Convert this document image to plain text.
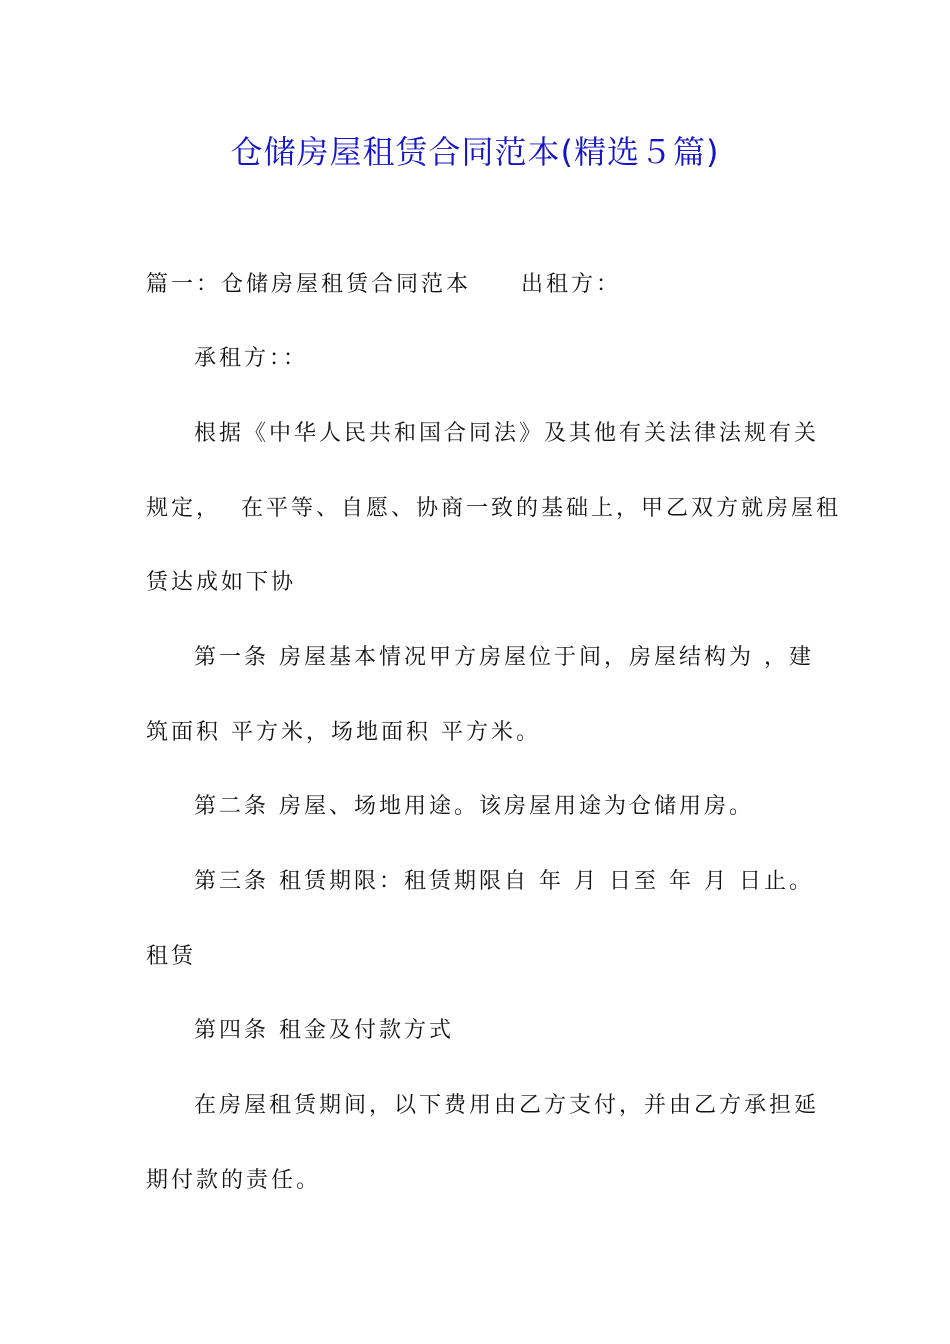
仓储房屋租赁合同范本(精选５篇)
篇一：仓储房屋租赁合同范本　　出租方：
承租方：：
根据《中华人民共和国合同法》及其他有关法律法规有关
规定，  在平等、自愿、协商一致的基础上，甲乙双方就房屋租
赁达成如下协
第一条 房屋基本情况甲方房屋位于间，房屋结构为 ，建
筑面积 平方米，场地面积 平方米。
第二条 房屋、场地用途。该房屋用途为仓储用房。
第三条 租赁期限：租赁期限自 年 月 日至 年 月 日止。
租赁
第四条 租金及付款方式
在房屋租赁期间，以下费用由乙方支付，并由乙方承担延
期付款的责任。
